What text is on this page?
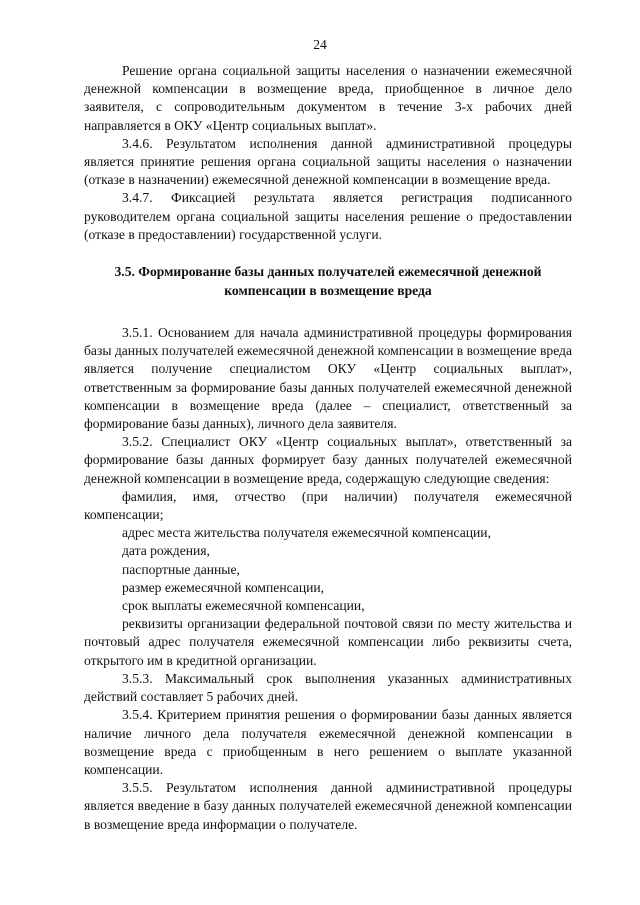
24

Решение органа социальной защиты населения о назначении ежемесячной денежной компенсации в возмещение вреда, приобщенное в личное дело заявителя, с сопроводительным документом в течение 3-х рабочих дней направляется в ОКУ «Центр социальных выплат».

3.4.6. Результатом исполнения данной административной процедуры является принятие решения органа социальной защиты населения о назначении (отказе в назначении) ежемесячной денежной компенсации в возмещение вреда.

3.4.7. Фиксацией результата является регистрация подписанного руководителем органа социальной защиты населения решение о предоставлении (отказе в предоставлении) государственной услуги.

3.5. Формирование базы данных получателей ежемесячной денежной компенсации в возмещение вреда

3.5.1. Основанием для начала административной процедуры формирования базы данных получателей ежемесячной денежной компенсации в возмещение вреда является получение специалистом ОКУ «Центр социальных выплат», ответственным за формирование базы данных получателей ежемесячной денежной компенсации в возмещение вреда (далее – специалист, ответственный за формирование базы данных), личного дела заявителя.

3.5.2. Специалист ОКУ «Центр социальных выплат», ответственный за формирование базы данных формирует базу данных получателей ежемесячной денежной компенсации в возмещение вреда, содержащую следующие сведения:

фамилия, имя, отчество (при наличии) получателя ежемесячной компенсации;

адрес места жительства получателя ежемесячной компенсации,

дата рождения,

паспортные данные,

размер ежемесячной компенсации,

срок выплаты ежемесячной компенсации,

реквизиты организации федеральной почтовой связи по месту жительства и почтовый адрес получателя ежемесячной компенсации либо реквизиты счета, открытого им в кредитной организации.

3.5.3. Максимальный срок выполнения указанных административных действий составляет 5 рабочих дней.

3.5.4. Критерием принятия решения о формировании базы данных является наличие личного дела получателя ежемесячной денежной компенсации в возмещение вреда с приобщенным в него решением о выплате указанной компенсации.

3.5.5. Результатом исполнения данной административной процедуры является введение в базу данных получателей ежемесячной денежной компенсации в возмещение вреда информации о получателе.
